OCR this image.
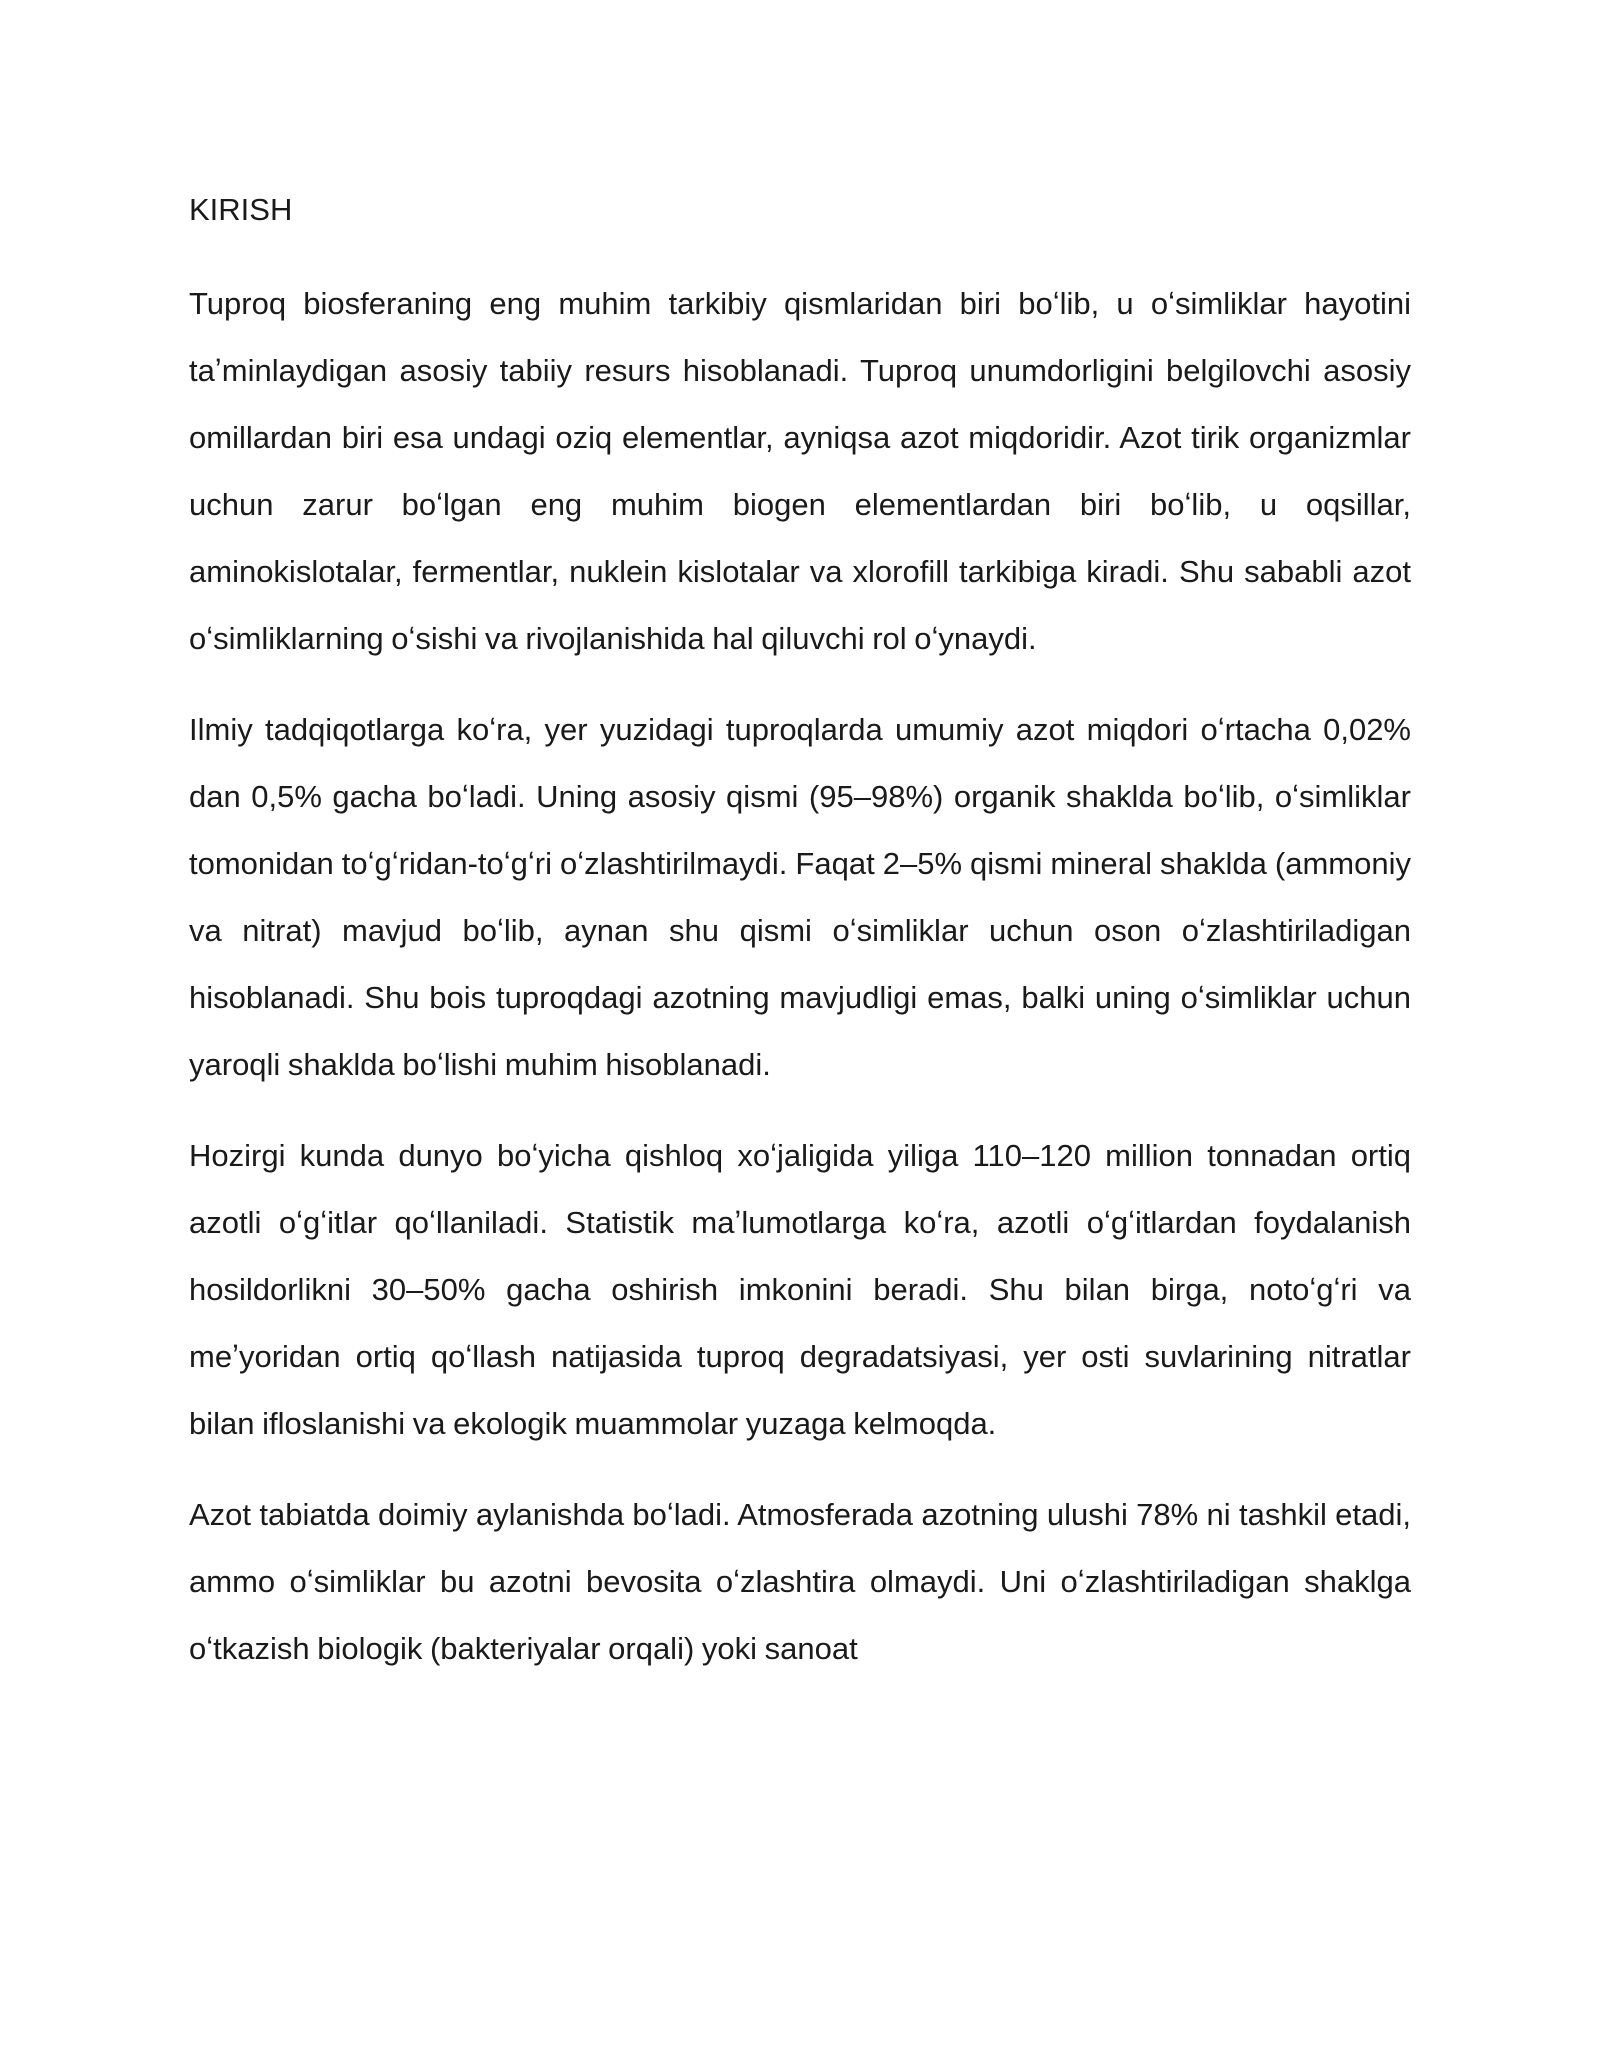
KIRISH

Tuproq biosferaning eng muhim tarkibiy qismlaridan biri boʻlib, u oʻsimliklar hayotini taʼminlaydigan asosiy tabiiy resurs hisoblanadi. Tuproq unumdorligini belgilovchi asosiy omillardan biri esa undagi oziq elementlar, ayniqsa azot miqdoridir. Azot tirik organizmlar uchun zarur boʻlgan eng muhim biogen elementlardan biri boʻlib, u oqsillar, aminokislotalar, fermentlar, nuklein kislotalar va xlorofill tarkibiga kiradi. Shu sababli azot oʻsimliklarning oʻsishi va rivojlanishida hal qiluvchi rol oʻynaydi.

Ilmiy tadqiqotlarga koʻra, yer yuzidagi tuproqlarda umumiy azot miqdori oʻrtacha 0,02% dan 0,5% gacha boʻladi. Uning asosiy qismi (95–98%) organik shaklda boʻlib, oʻsimliklar tomonidan toʻgʻridan-toʻgʻri oʻzlashtirilmaydi. Faqat 2–5% qismi mineral shaklda (ammoniy va nitrat) mavjud boʻlib, aynan shu qismi oʻsimliklar uchun oson oʻzlashtiriladigan hisoblanadi. Shu bois tuproqdagi azotning mavjudligi emas, balki uning oʻsimliklar uchun yaroqli shaklda boʻlishi muhim hisoblanadi.

Hozirgi kunda dunyo boʻyicha qishloq xoʻjaligida yiliga 110–120 million tonnadan ortiq azotli oʻgʻitlar qoʻllaniladi. Statistik maʼlumotlarga koʻra, azotli oʻgʻitlardan foydalanish hosildorlikni 30–50% gacha oshirish imkonini beradi. Shu bilan birga, notoʻgʻri va meʼyoridan ortiq qoʻllash natijasida tuproq degradatsiyasi, yer osti suvlarining nitratlar bilan ifloslanishi va ekologik muammolar yuzaga kelmoqda.

Azot tabiatda doimiy aylanishda boʻladi. Atmosferada azotning ulushi 78% ni tashkil etadi, ammo oʻsimliklar bu azotni bevosita oʻzlashtira olmaydi. Uni oʻzlashtiriladigan shaklga oʻtkazish biologik (bakteriyalar orqali) yoki sanoat
